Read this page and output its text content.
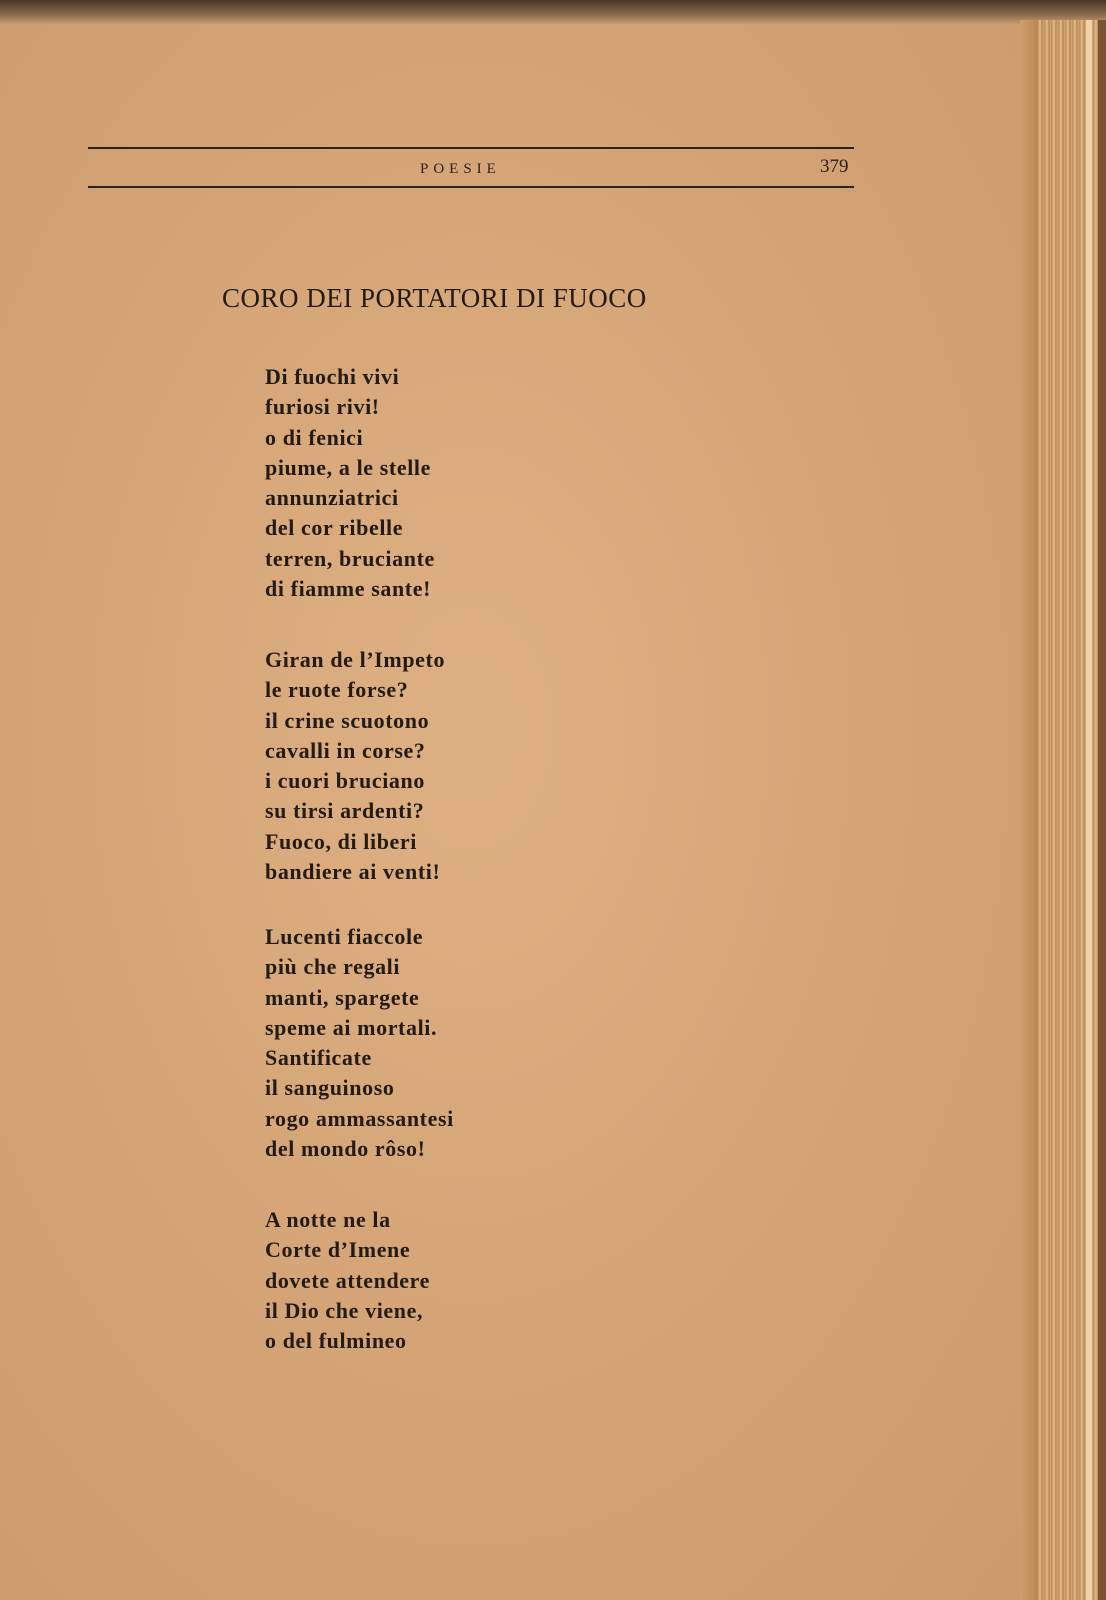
POESIE	379
CORO DEI PORTATORI DI FUOCO
Di fuochi vivi
furiosi rivi!
o di fenici
piume, a le stelle
annunziatrici
del cor ribelle
terren, bruciante
di fiamme sante!
Giran de l’Impeto
le ruote forse?
il crine scuotono
cavalli in corse?
i cuori bruciano
su tirsi ardenti?
Fuoco, di liberi
bandiere ai venti!
Lucenti fiaccole
più che regali
manti, spargete
speme ai mortali.
Santificate
il sanguinoso
rogo ammassantesi
del mondo rôso!
A notte ne la
Corte d’Imene
dovete attendere
il Dio che viene,
o del fulmineo
